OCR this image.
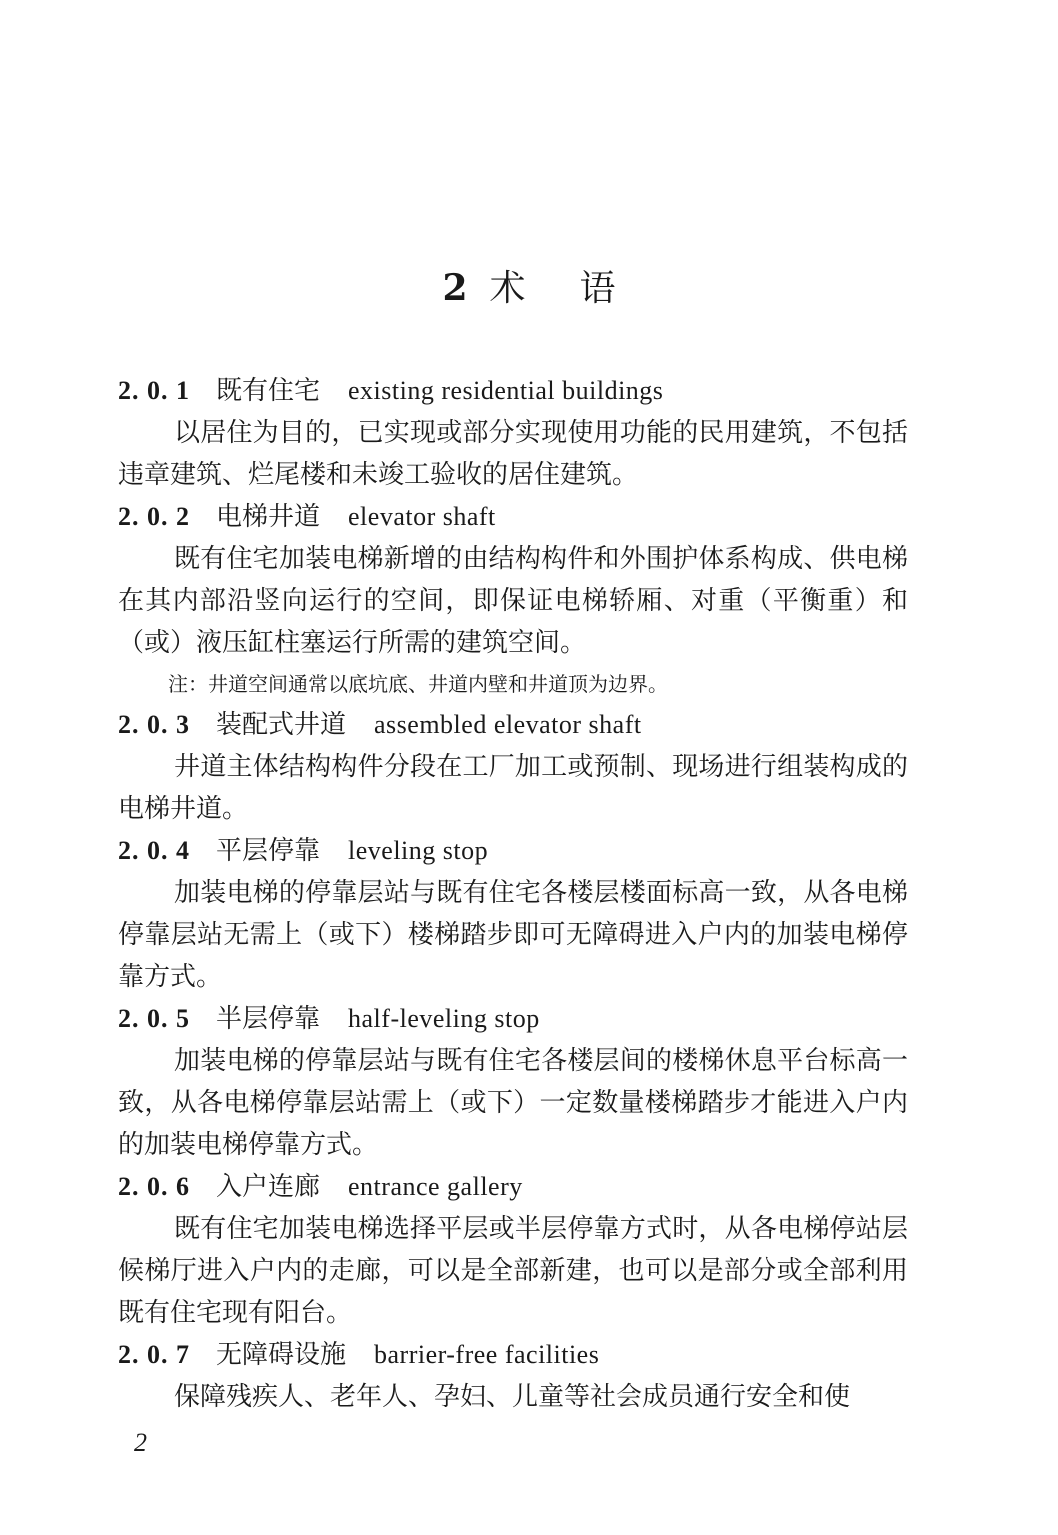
2 术 语
2. 0. 1 既有住宅 existing residential buildings
以居住为目的，已实现或部分实现使用功能的民用建筑，不包括违章建筑、烂尾楼和未竣工验收的居住建筑。
2. 0. 2 电梯井道 elevator shaft
既有住宅加装电梯新增的由结构构件和外围护体系构成、供电梯在其内部沿竖向运行的空间，即保证电梯轿厢、对重（平衡重）和（或）液压缸柱塞运行所需的建筑空间。
注：井道空间通常以底坑底、井道内壁和井道顶为边界。
2. 0. 3 装配式井道 assembled elevator shaft
井道主体结构构件分段在工厂加工或预制、现场进行组装构成的电梯井道。
2. 0. 4 平层停靠 leveling stop
加装电梯的停靠层站与既有住宅各楼层楼面标高一致，从各电梯停靠层站无需上（或下）楼梯踏步即可无障碍进入户内的加装电梯停靠方式。
2. 0. 5 半层停靠 half-leveling stop
加装电梯的停靠层站与既有住宅各楼层间的楼梯休息平台标高一致，从各电梯停靠层站需上（或下）一定数量楼梯踏步才能进入户内的加装电梯停靠方式。
2. 0. 6 入户连廊 entrance gallery
既有住宅加装电梯选择平层或半层停靠方式时，从各电梯停站层候梯厅进入户内的走廊，可以是全部新建，也可以是部分或全部利用既有住宅现有阳台。
2. 0. 7 无障碍设施 barrier-free facilities
保障残疾人、老年人、孕妇、儿童等社会成员通行安全和使
2
